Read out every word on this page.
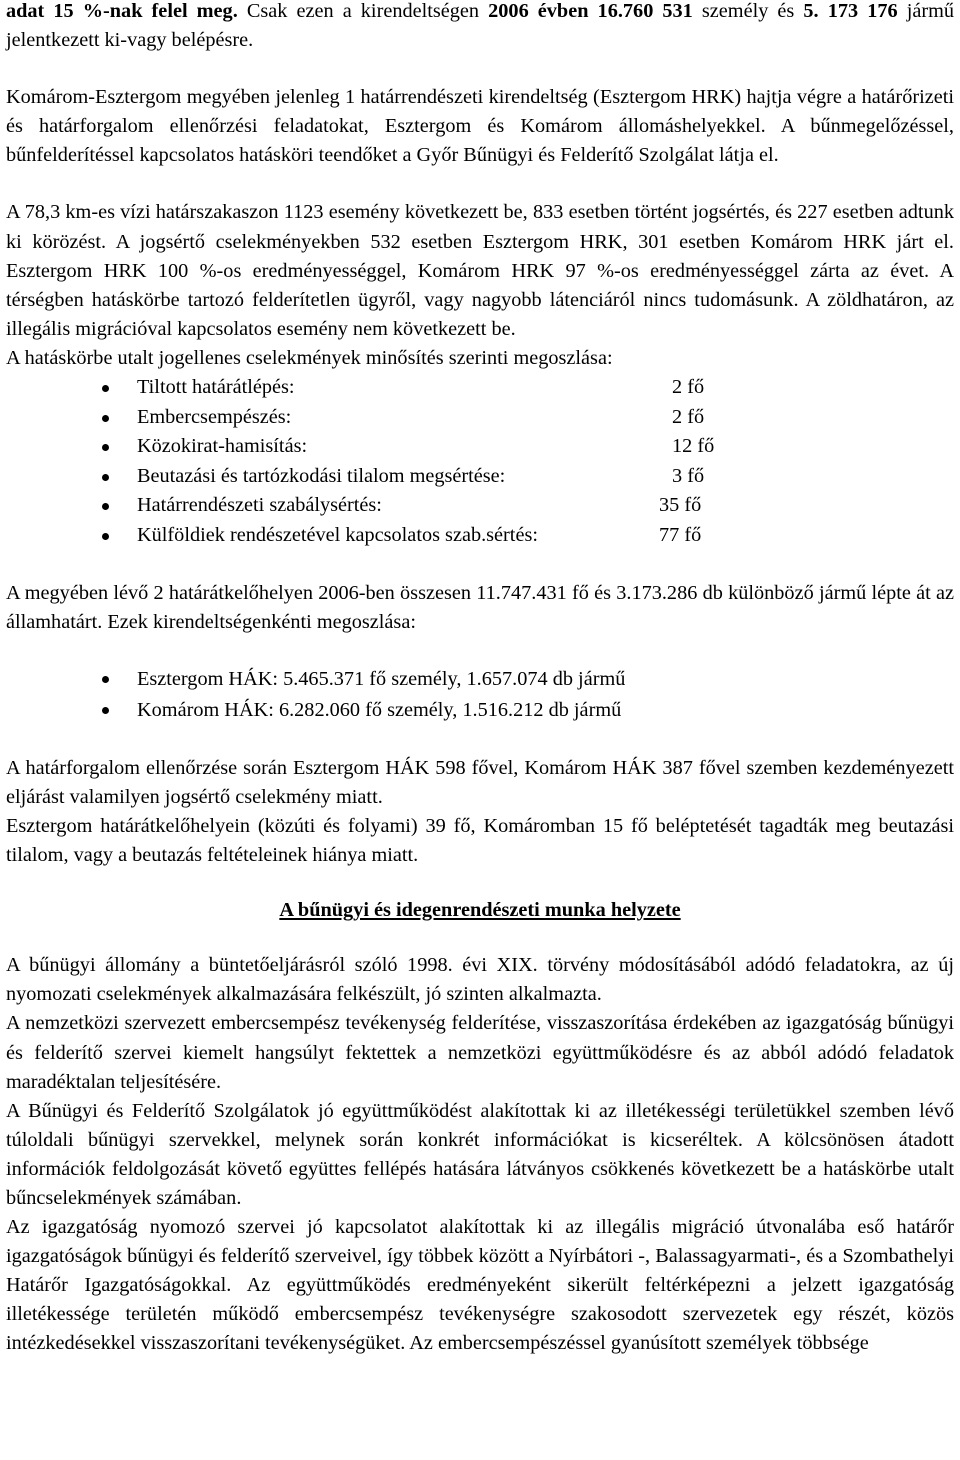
adat 15 %-nak felel meg. Csak ezen a kirendeltségen 2006 évben 16.760 531 személy és 5. 173 176 jármű jelentkezett ki-vagy belépésre.

Komárom-Esztergom megyében jelenleg 1 határrendészeti kirendeltség (Esztergom HRK) hajtja végre a határőrizeti és határforgalom ellenőrzési feladatokat, Esztergom és Komárom állomáshelyekkel. A bűnmegelőzéssel, bűnfelderítéssel kapcsolatos hatásköri teendőket a Győr Bűnügyi és Felderítő Szolgálat látja el.

A 78,3 km-es vízi határszakaszon 1123 esemény következett be, 833 esetben történt jogsértés, és 227 esetben adtunk ki körözést. A jogsértő cselekményekben 532 esetben Esztergom HRK, 301 esetben Komárom HRK járt el. Esztergom HRK 100 %-os eredményességgel, Komárom HRK 97 %-os eredményességgel zárta az évet. A térségben hatáskörbe tartozó felderítetlen ügyről, vagy nagyobb látenciáról nincs tudomásunk. A zöldhatáron, az illegális migrációval kapcsolatos esemény nem következett be.

A hatáskörbe utalt jogellenes cselekmények minősítés szerinti megoszlása:

Tiltott határátlépés:	2 fő
Embercsempészés:	2 fő
Közokirat-hamisítás:	12 fő
Beutazási és tartózkodási tilalom megsértése:	3 fő
Határrendészeti szabálysértés:	35 fő
Külföldiek rendészetével kapcsolatos szab.sértés:	77 fő

A megyében lévő 2 határátkelőhelyen 2006-ben összesen 11.747.431 fő és 3.173.286 db különböző jármű lépte át az államhatárt. Ezek kirendeltségenkénti megoszlása:

Esztergom HÁK: 5.465.371 fő személy, 1.657.074 db jármű
Komárom HÁK: 6.282.060 fő személy, 1.516.212 db jármű

A határforgalom ellenőrzése során Esztergom HÁK 598 fővel, Komárom HÁK 387 fővel szemben kezdeményezett eljárást valamilyen jogsértő cselekmény miatt.

Esztergom határátkelőhelyein (közúti és folyami) 39 fő, Komáromban 15 fő beléptetését tagadták meg beutazási tilalom, vagy a beutazás feltételeinek hiánya miatt.

A bűnügyi és idegenrendészeti munka helyzete

A bűnügyi állomány a büntetőeljárásról szóló 1998. évi XIX. törvény módosításából adódó feladatokra, az új nyomozati cselekmények alkalmazására felkészült, jó szinten alkalmazta.

A nemzetközi szervezett embercsempész tevékenység felderítése, visszaszorítása érdekében az igazgatóság bűnügyi és felderítő szervei kiemelt hangsúlyt fektettek a nemzetközi együttműködésre és az abból adódó feladatok maradéktalan teljesítésére.

A Bűnügyi és Felderítő Szolgálatok jó együttműködést alakítottak ki az illetékességi területükkel szemben lévő túloldali bűnügyi szervekkel, melynek során konkrét információkat is kicseréltek. A kölcsönösen átadott információk feldolgozását követő együttes fellépés hatására látványos csökkenés következett be a hatáskörbe utalt bűncselekmények számában.

Az igazgatóság nyomozó szervei jó kapcsolatot alakítottak ki az illegális migráció útvonalába eső határőr igazgatóságok bűnügyi és felderítő szerveivel, így többek között a Nyírbátori -, Balassagyarmati-, és a Szombathelyi Határőr Igazgatóságokkal. Az együttműködés eredményeként sikerült feltérképezni a jelzett igazgatóság illetékessége területén működő embercsempész tevékenységre szakosodott szervezetek egy részét, közös intézkedésekkel visszaszorítani tevékenységüket. Az embercsempészéssel gyanúsított személyek többsége
